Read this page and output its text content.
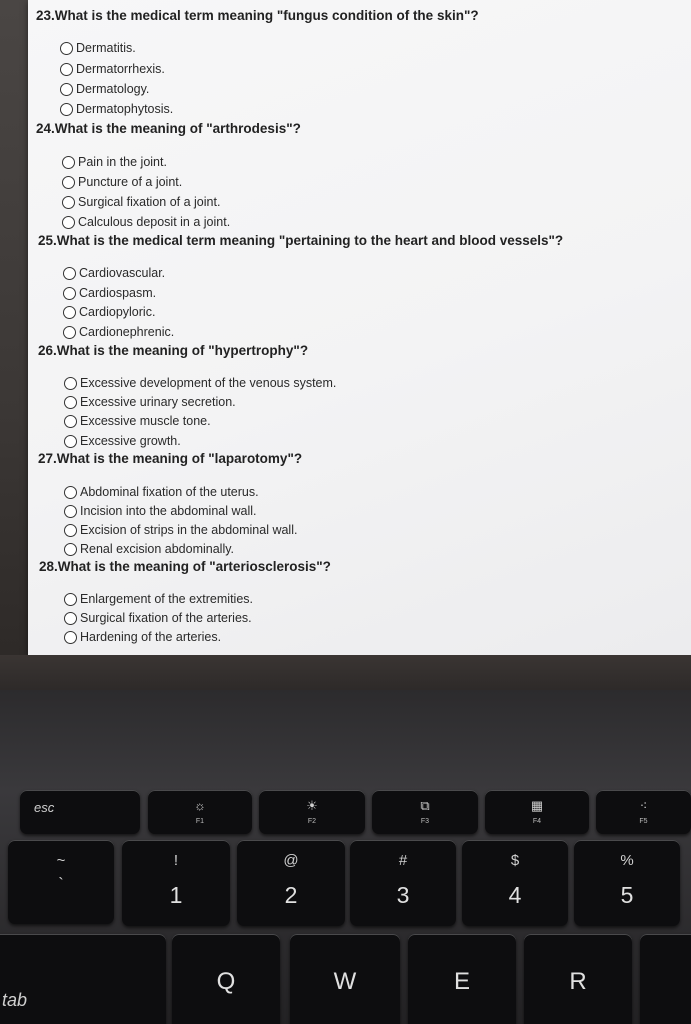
23.What is the medical term meaning "fungus condition of the skin"?
Dermatitis.
Dermatorrhexis.
Dermatology.
Dermatophytosis.
24.What is the meaning of "arthrodesis"?
Pain in the joint.
Puncture of a joint.
Surgical fixation of a joint.
Calculous deposit in a joint.
25.What is the medical term meaning "pertaining to the heart and blood vessels"?
Cardiovascular.
Cardiospasm.
Cardiopyloric.
Cardionephrenic.
26.What is the meaning of "hypertrophy"?
Excessive development of the venous system.
Excessive urinary secretion.
Excessive muscle tone.
Excessive growth.
27.What is the meaning of "laparotomy"?
Abdominal fixation of the uterus.
Incision into the abdominal wall.
Excision of strips in the abdominal wall.
Renal excision abdominally.
28.What is the meaning of "arteriosclerosis"?
Enlargement of the extremities.
Surgical fixation of the arteries.
Hardening of the arteries.
esc	☼
F1
☀
F2
⧉
F3
▦
F4
⁖
F5
~
`
!
1
@
2
#
3
$
4
%
5
Q	W	E	R
tab
